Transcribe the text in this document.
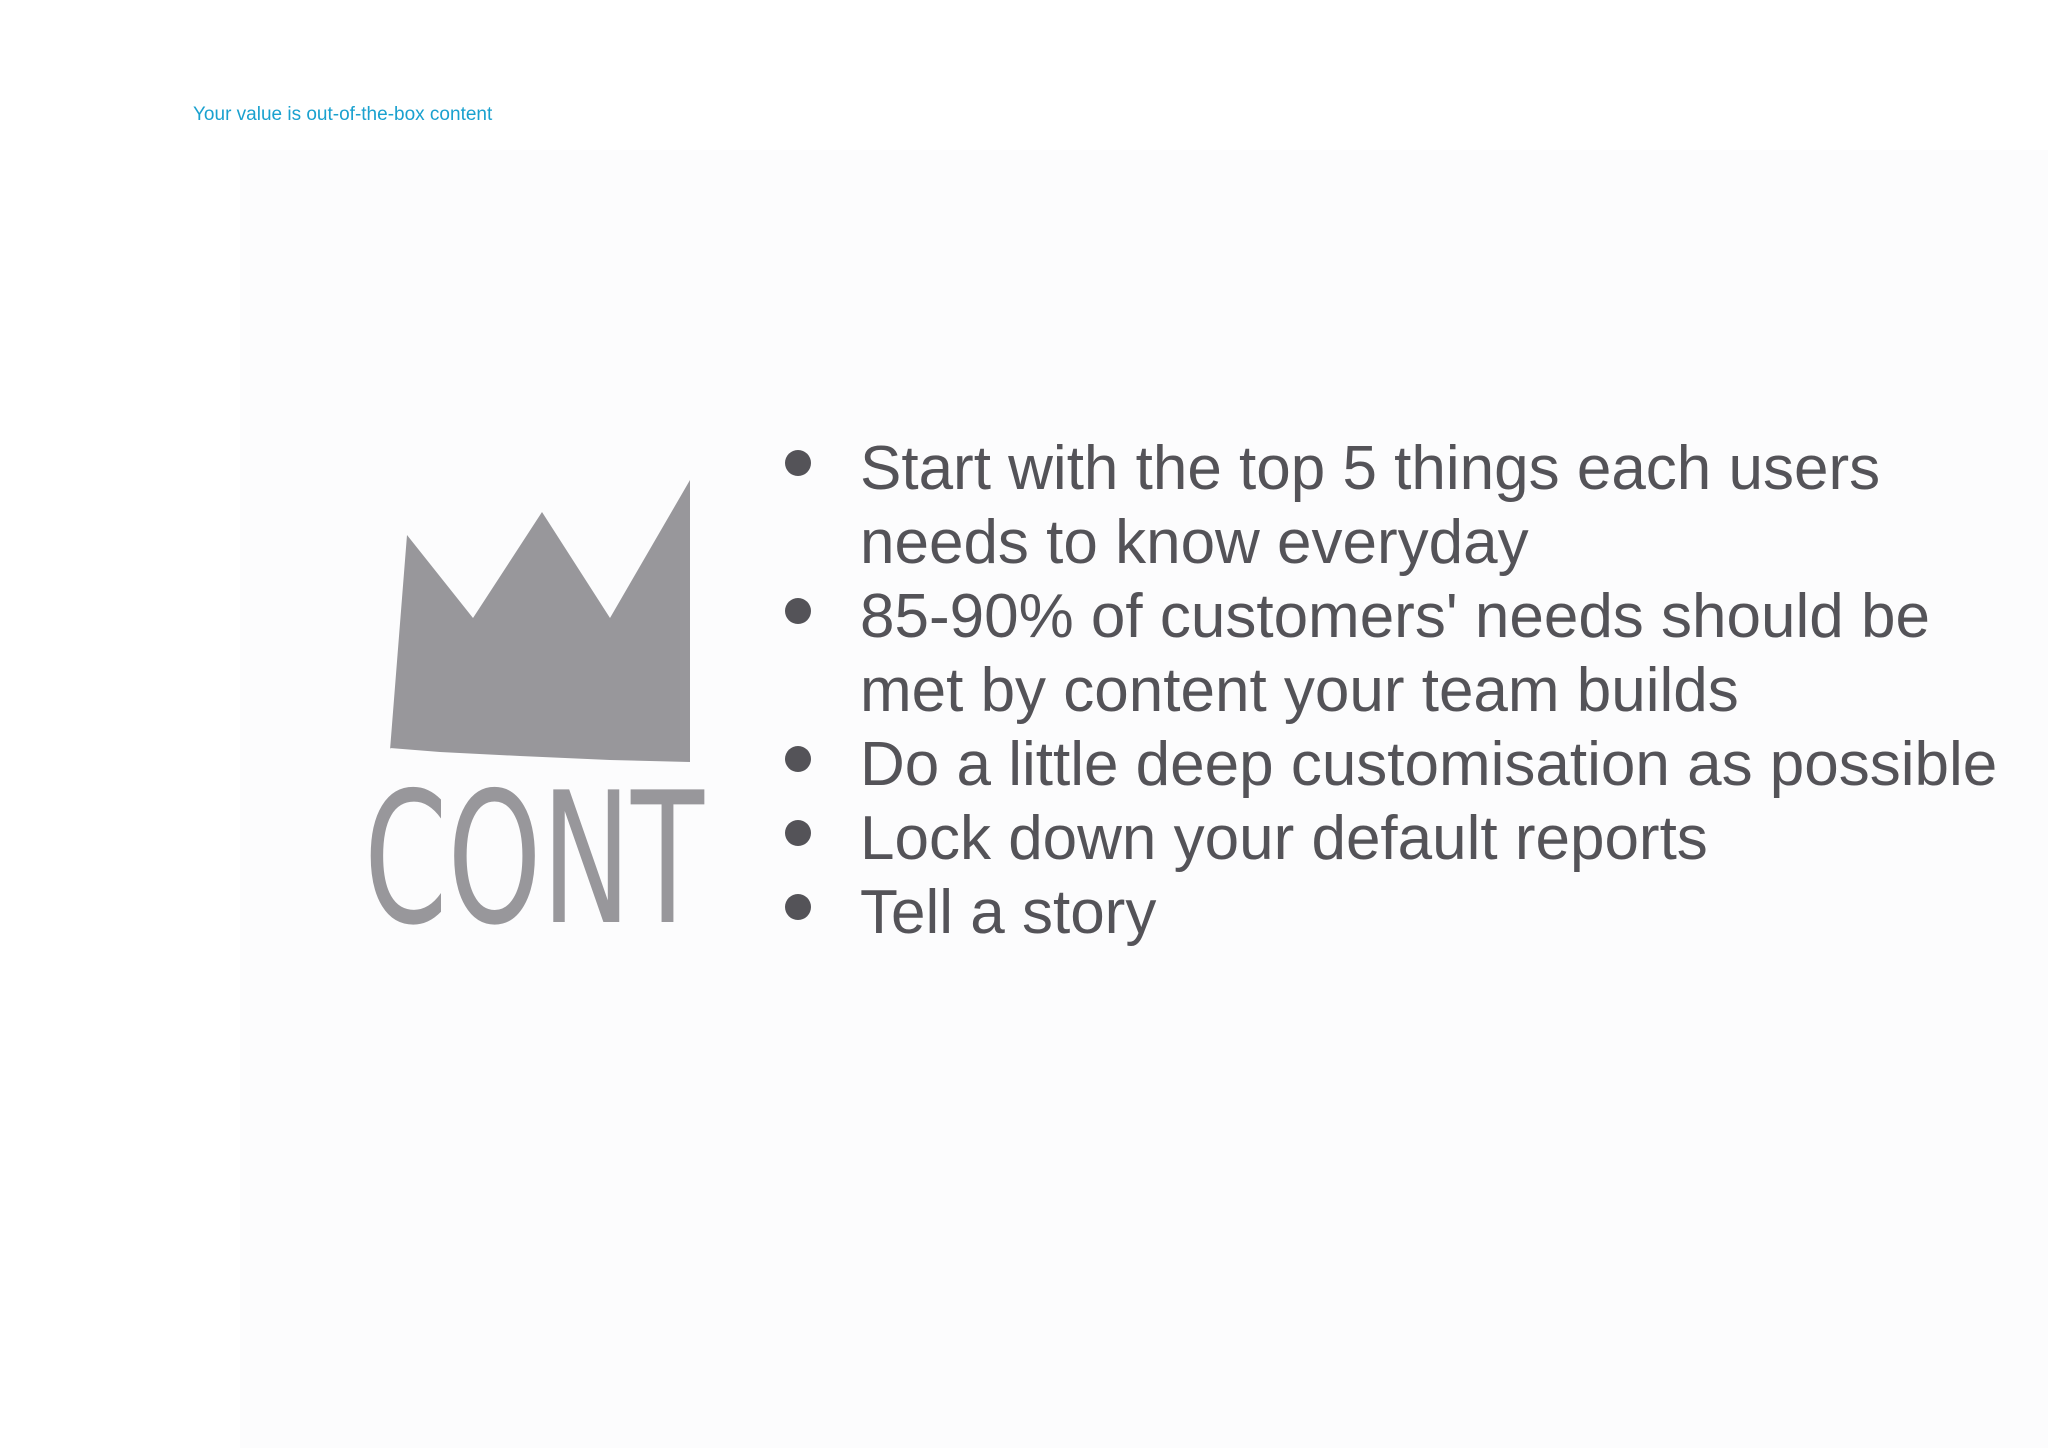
Your value is out-of-the-box content
CONT
Start with the top 5 things each users needs to know everyday
85-90% of customers' needs should be met by content your team builds
Do a little deep customisation as possible
Lock down your default reports
Tell a story
